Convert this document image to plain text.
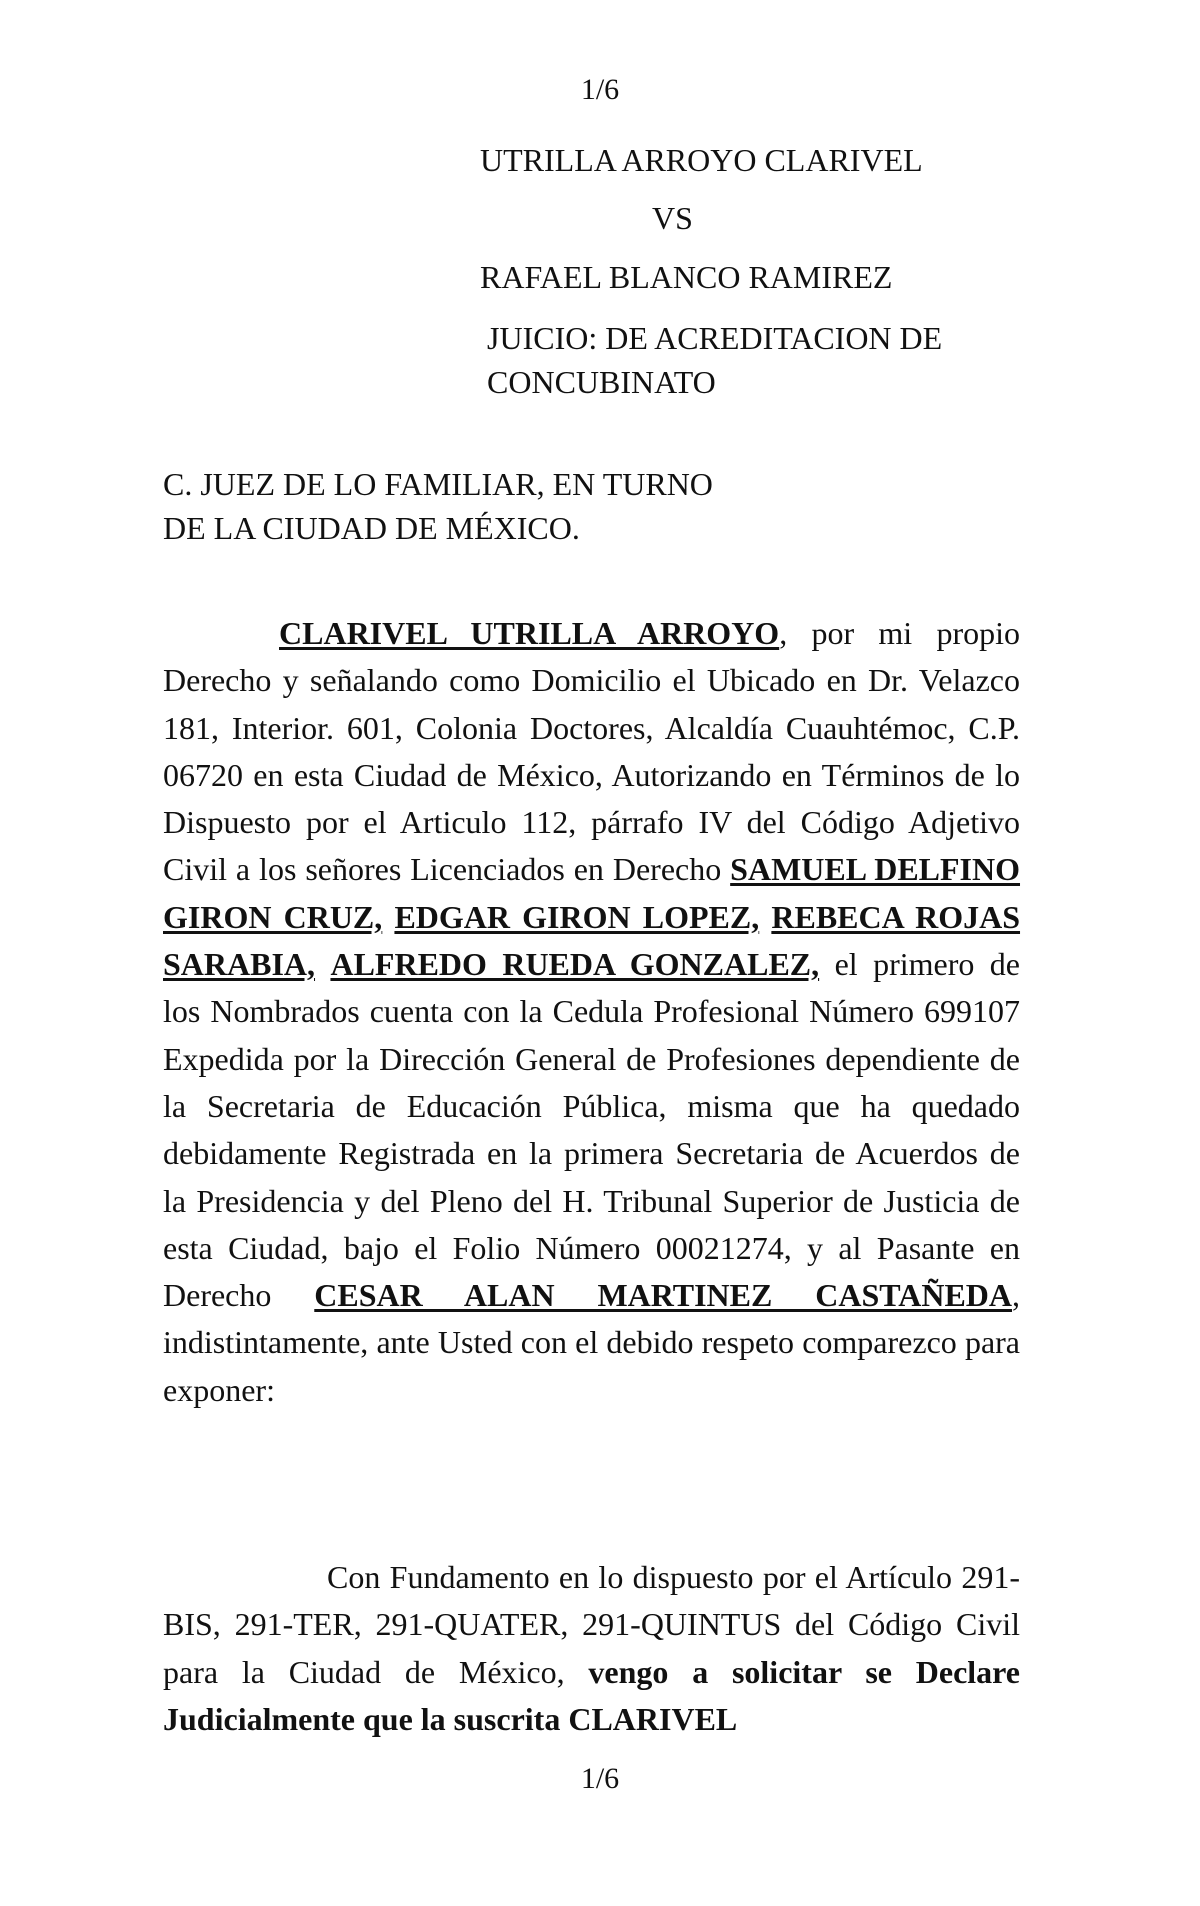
1/6
UTRILLA ARROYO CLARIVEL
VS
RAFAEL BLANCO RAMIREZ
JUICIO: DE ACREDITACION DE CONCUBINATO
C. JUEZ DE LO FAMILIAR, EN TURNO
DE LA CIUDAD DE MÉXICO.
CLARIVEL UTRILLA ARROYO, por mi propio Derecho y señalando como Domicilio el Ubicado en Dr. Velazco 181, Interior. 601, Colonia Doctores, Alcaldía Cuauhtémoc, C.P. 06720 en esta Ciudad de México, Autorizando en Términos de lo Dispuesto por el Articulo 112, párrafo IV del Código Adjetivo Civil a los señores Licenciados en Derecho SAMUEL DELFINO GIRON CRUZ, EDGAR GIRON LOPEZ, REBECA ROJAS SARABIA, ALFREDO RUEDA GONZALEZ, el primero de los Nombrados cuenta con la Cedula Profesional Número 699107 Expedida por la Dirección General de Profesiones dependiente de la Secretaria de Educación Pública, misma que ha quedado debidamente Registrada en la primera Secretaria de Acuerdos de la Presidencia y del Pleno del H. Tribunal Superior de Justicia de esta Ciudad, bajo el Folio Número 00021274, y al Pasante en Derecho CESAR ALAN MARTINEZ CASTAÑEDA, indistintamente, ante Usted con el debido respeto comparezco para exponer:
Con Fundamento en lo dispuesto por el Artículo 291-BIS, 291-TER, 291-QUATER, 291-QUINTUS del Código Civil para la Ciudad de México, vengo a solicitar se Declare Judicialmente que la suscrita CLARIVEL
1/6
